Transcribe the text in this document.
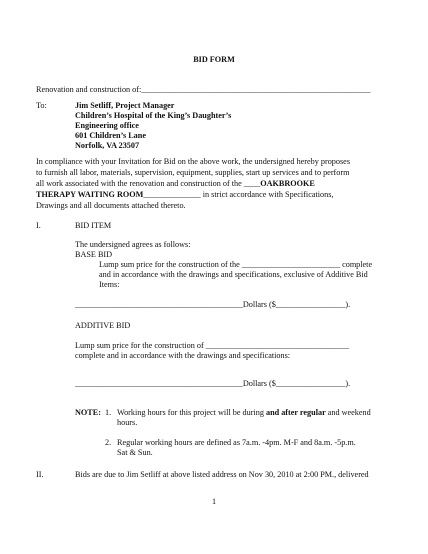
BID FORM
Renovation and construction of:________________________________________________________
To:	Jim Setliff, Project Manager
Children’s Hospital of the King’s Daughter’s
Engineering office
601 Children’s Lane
Norfolk, VA 23507
In compliance with your Invitation for Bid on the above work, the undersigned hereby proposes
to furnish all labor, materials, supervision, equipment, supplies, start up services and to perform
all work associated with the renovation and construction of the ____OAKBROOKE
THERAPY WAITING ROOM______________ in strict accordance with Specifications,
Drawings and all documents attached thereto.
I.	BID ITEM
The undersigned agrees as follows:
BASE BID
Lump sum price for the construction of the ________________________ complete
and in accordance with the drawings and specifications, exclusive of Additive Bid
Items:
_________________________________________Dollars ($_________________).
ADDITIVE BID
Lump sum price for the construction of ___________________________________
complete and in accordance with the drawings and specifications:
_________________________________________Dollars ($_________________).
NOTE: 1. Working hours for this project will be during and after regular and weekend
hours.
2. Regular working hours are defined as 7a.m. -4pm. M-F and 8a.m. -5p.m.
Sat & Sun.
II.	Bids are due to Jim Setliff at above listed address on Nov 30, 2010 at 2:00 PM., delivered
1
